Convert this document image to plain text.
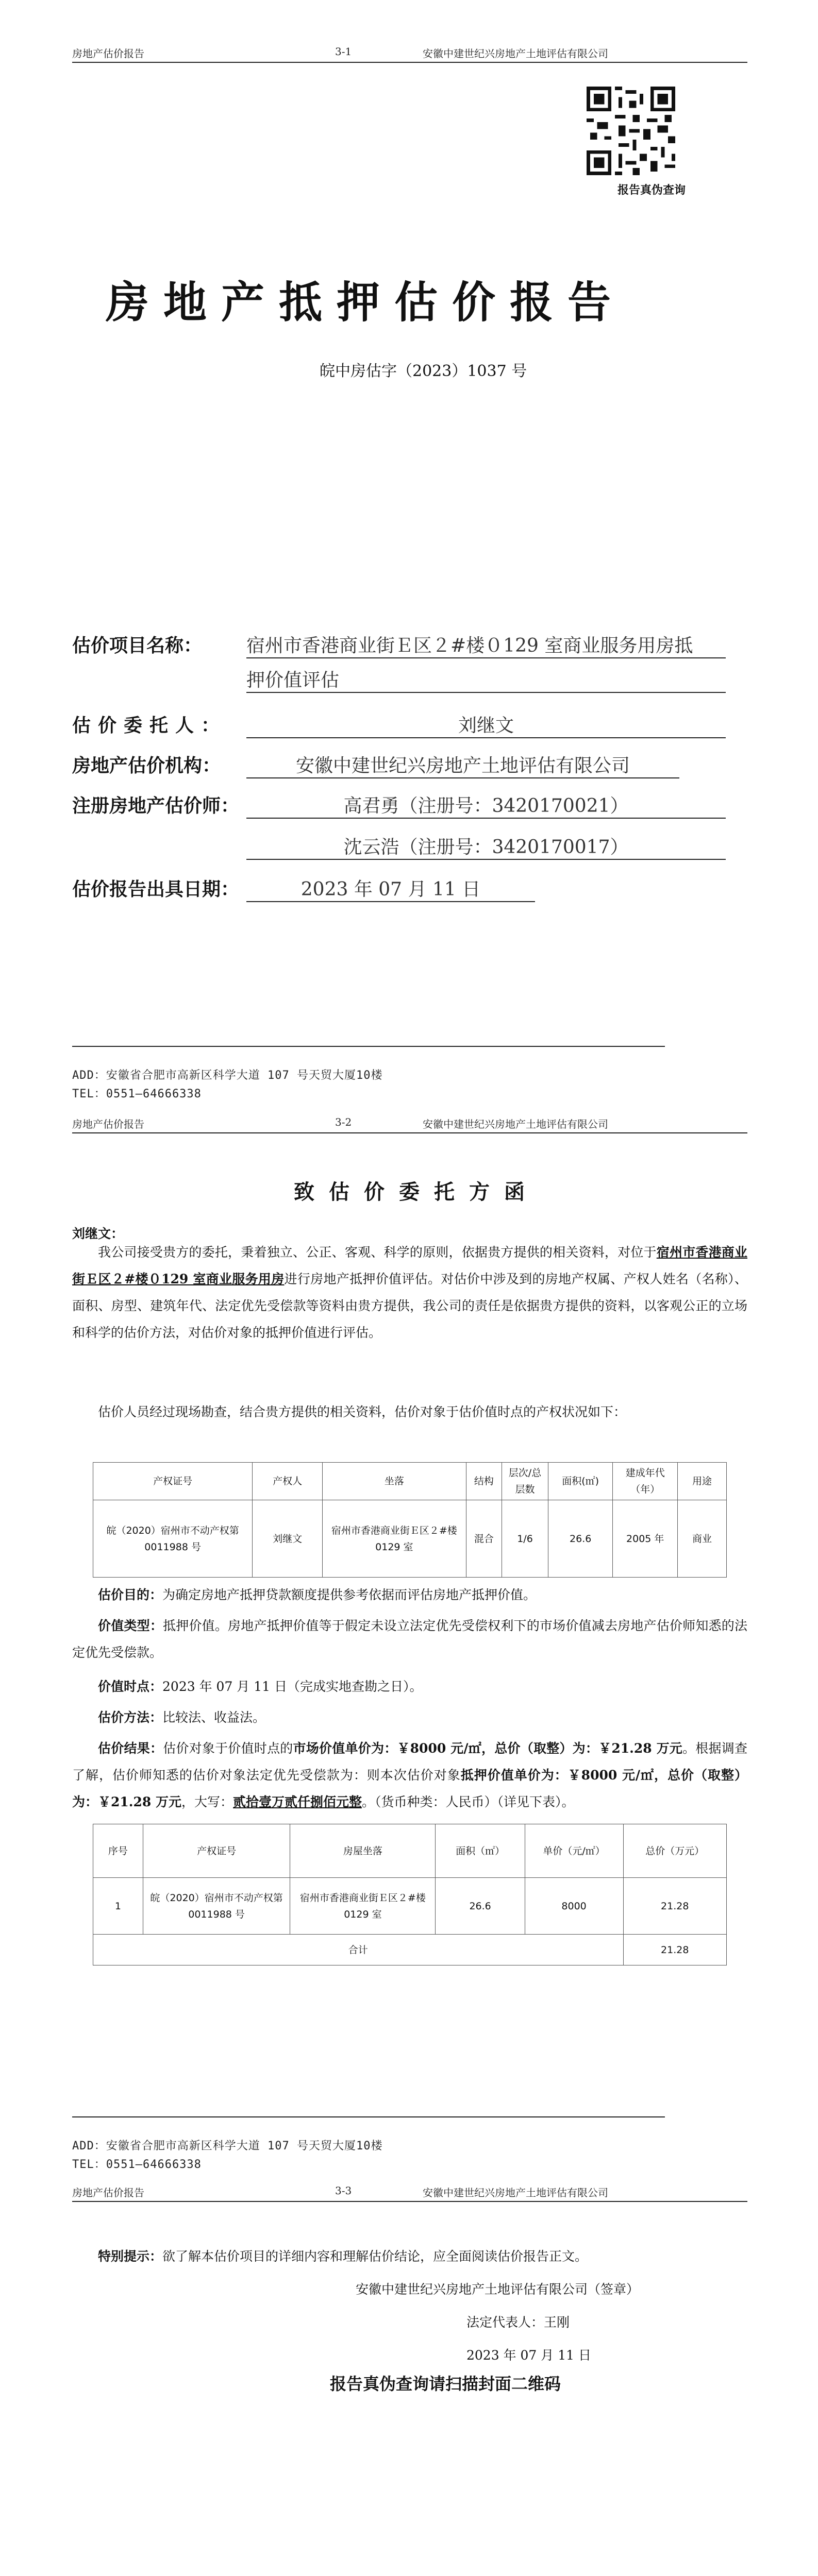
房地产估价报告	3-1	安徽中建世纪兴房地产土地评估有限公司
报告真伪查询
房地产抵押估价报告
皖中房估字（2023）1037 号
估价项目名称： 宿州市香港商业街Ｅ区２#楼０129 室商业服务用房抵
押价值评估
估价委托人：	刘继文
房地产估价机构：	安徽中建世纪兴房地产土地评估有限公司
注册房地产估价师：	高君勇（注册号：3420170021）
沈云浩（注册号：3420170017）
估价报告出具日期：	2023 年 07 月 11 日
ADD：安徽省合肥市高新区科学大道 107 号天贸大厦10楼
TEL：0551—64666338
房地产估价报告	3-2	安徽中建世纪兴房地产土地评估有限公司
致估价委托方函
刘继文：
我公司接受贵方的委托，秉着独立、公正、客观、科学的原则，依据贵方提供的相关资料，对位于宿州市香港商业街Ｅ区２#楼０129 室商业服务用房进行房地产抵押价值评估。对估价中涉及到的房地产权属、产权人姓名（名称）、面积、房型、建筑年代、法定优先受偿款等资料由贵方提供，我公司的责任是依据贵方提供的资料，以客观公正的立场和科学的估价方法，对估价对象的抵押价值进行评估。
估价人员经过现场勘查，结合贵方提供的相关资料，估价对象于估价值时点的产权状况如下：
产权证号	产权人	坐落	结构	层次/总层数	面积(㎡)	建成年代（年）	用途
皖（2020）宿州市不动产权第 0011988 号	刘继文	宿州市香港商业街Ｅ区２#楼 0129 室	混合	1/6	26.6	2005 年	商业
估价目的：为确定房地产抵押贷款额度提供参考依据而评估房地产抵押价值。
价值类型：抵押价值。房地产抵押价值等于假定未设立法定优先受偿权利下的市场价值减去房地产估价师知悉的法定优先受偿款。
价值时点：2023 年 07 月 11 日（完成实地查勘之日）。
估价方法：比较法、收益法。
估价结果：估价对象于价值时点的市场价值单价为：￥8000 元/㎡，总价（取整）为：￥21.28 万元。根据调查了解，估价师知悉的估价对象法定优先受偿款为：则本次估价对象抵押价值单价为：￥8000 元/㎡，总价（取整）为：￥21.28 万元，大写：贰拾壹万贰仟捌佰元整。（货币种类：人民币）（详见下表）。
序号	产权证号	房屋坐落	面积（㎡）	单价（元/㎡）	总价（万元）
1	皖（2020）宿州市不动产权第 0011988 号	宿州市香港商业街Ｅ区２#楼 0129 室	26.6	8000	21.28
合计					21.28
ADD：安徽省合肥市高新区科学大道 107 号天贸大厦10楼
TEL：0551—64666338
房地产估价报告	3-3	安徽中建世纪兴房地产土地评估有限公司
特别提示：欲了解本估价项目的详细内容和理解估价结论，应全面阅读估价报告正文。
安徽中建世纪兴房地产土地评估有限公司（签章）
法定代表人：王刚
2023 年 07 月 11 日
报告真伪查询请扫描封面二维码
